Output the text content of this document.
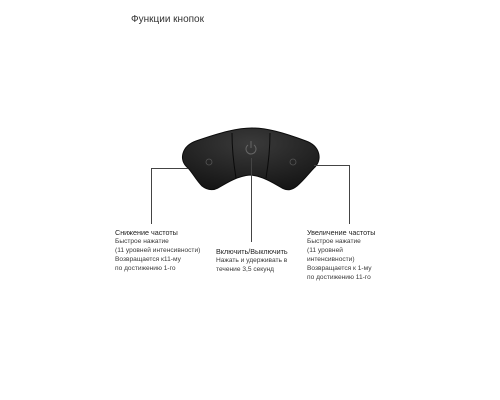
Функции кнопок
Снижение частоты
Быстрое нажатие
(11 уровней интенсивности)
Возвращается к11-му
по достижению 1-го
Включить/Выключить
Нажать и удерживать в
течение 3,5 секунд
Увеличение частоты
Быстрое нажатие
(11 уровней
интенсивности)
Возвращается к 1-му
по достижению 11-го
